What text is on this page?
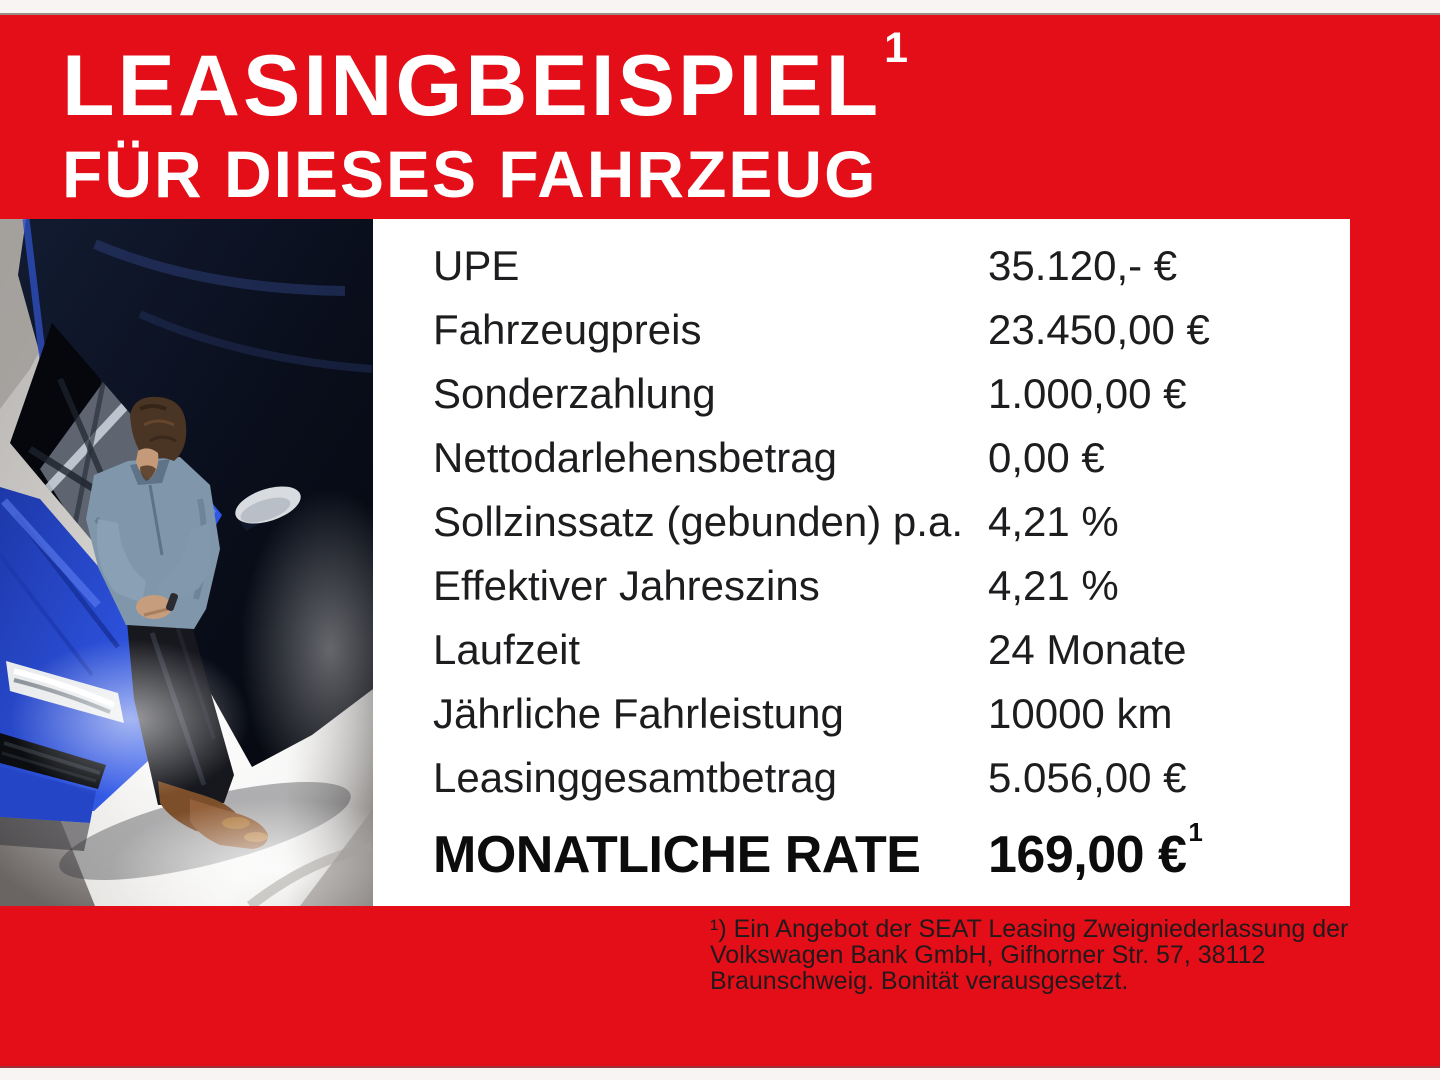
LEASINGBEISPIEL$^1$
FÜR DIESES FAHRZEUG
UPE	35.120,- €
Fahrzeugpreis	23.450,00 €
Sonderzahlung	1.000,00 €
Nettodarlehensbetrag	0,00 €
Sollzinssatz (gebunden) p.a. 4,21 %
Effektiver Jahreszins	4,21 %
Laufzeit	24 Monate
Jährliche Fahrleistung	10000 km
Leasinggesamtbetrag	5.056,00 €
MONATLICHE RATE 169,00 €$^1$
¹) Ein Angebot der SEAT Leasing Zweigniederlassung der
Volkswagen Bank GmbH, Gifhorner Str. 57, 38112
Braunschweig. Bonität verausgesetzt.
